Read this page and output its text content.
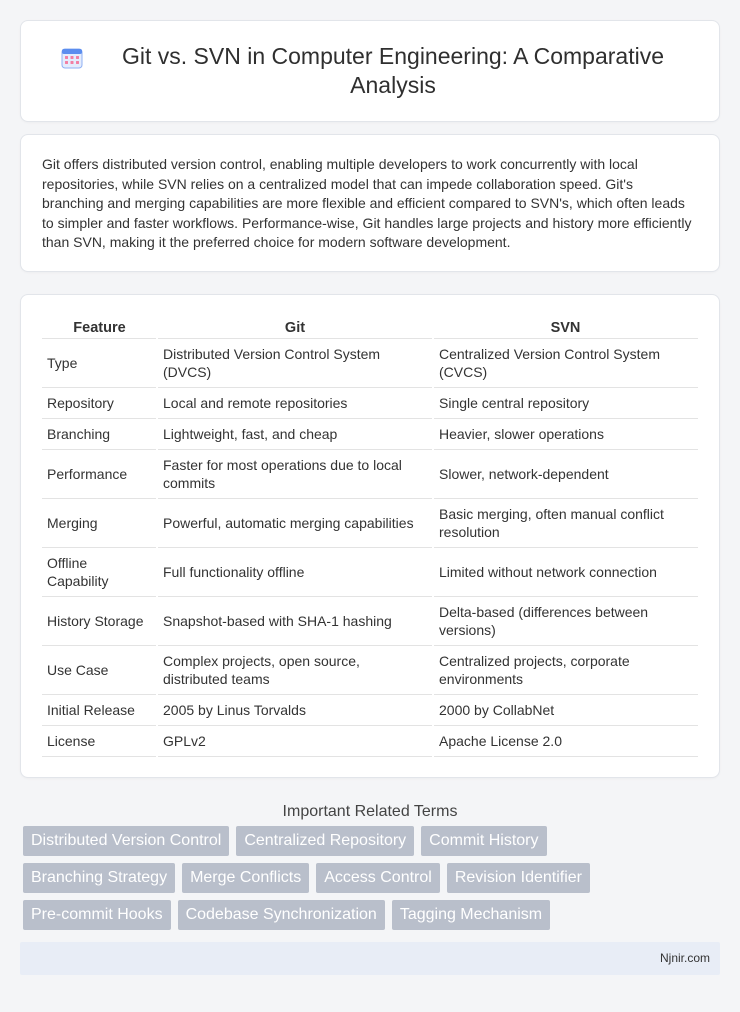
Git vs. SVN in Computer Engineering: A Comparative Analysis

Git offers distributed version control, enabling multiple developers to work concurrently with local repositories, while SVN relies on a centralized model that can impede collaboration speed. Git's branching and merging capabilities are more flexible and efficient compared to SVN's, which often leads to simpler and faster workflows. Performance-wise, Git handles large projects and history more efficiently than SVN, making it the preferred choice for modern software development.

Feature	Git	SVN
Type	Distributed Version Control System (DVCS)	Centralized Version Control System (CVCS)
Repository	Local and remote repositories	Single central repository
Branching	Lightweight, fast, and cheap	Heavier, slower operations
Performance	Faster for most operations due to local commits	Slower, network-dependent
Merging	Powerful, automatic merging capabilities	Basic merging, often manual conflict resolution
Offline Capability	Full functionality offline	Limited without network connection
History Storage	Snapshot-based with SHA-1 hashing	Delta-based (differences between versions)
Use Case	Complex projects, open source, distributed teams	Centralized projects, corporate environments
Initial Release	2005 by Linus Torvalds	2000 by CollabNet
License	GPLv2	Apache License 2.0
Important Related Terms
Distributed Version Control	Centralized Repository	Commit History
Branching Strategy	Merge Conflicts	Access Control	Revision Identifier
Pre-commit Hooks	Codebase Synchronization	Tagging Mechanism
Njnir.com
